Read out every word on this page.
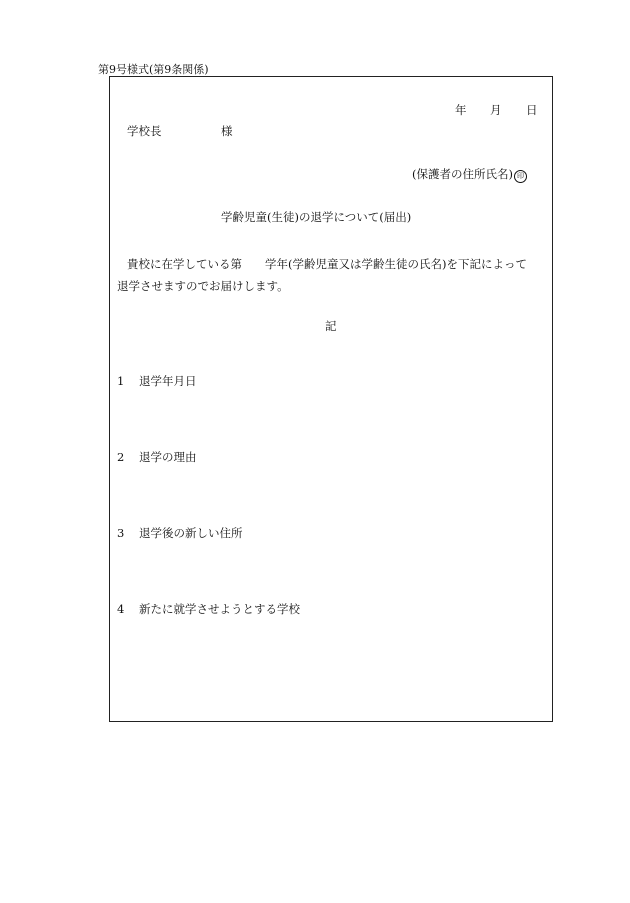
第9号様式(第9条関係)
年 月 日
学校長	様
(保護者の住所氏名) 印
学齢児童(生徒)の退学について(届出)
貴校に在学している第　　学年(学齢児童又は学齢生徒の氏名)を下記によって
退学させますのでお届けします。
記
1 退学年月日
2 退学の理由
3 退学後の新しい住所
4 新たに就学させようとする学校
